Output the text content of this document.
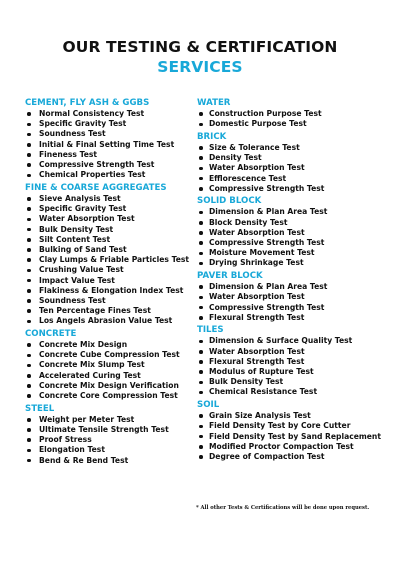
OUR TESTING & CERTIFICATION
SERVICES
CEMENT, FLY ASH & GGBS
Normal Consistency Test
Specific Gravity Test
Soundness Test
Initial & Final Setting Time Test
Fineness Test
Compressive Strength Test
Chemical Properties Test
FINE & COARSE AGGREGATES
Sieve Analysis Test
Specific Gravity Test
Water Absorption Test
Bulk Density Test
Silt Content Test
Bulking of Sand Test
Clay Lumps & Friable Particles Test
Crushing Value Test
Impact Value Test
Flakiness & Elongation Index Test
Soundness Test
Ten Percentage Fines Test
Los Angels Abrasion Value Test
CONCRETE
Concrete Mix Design
Concrete Cube Compression Test
Concrete Mix Slump Test
Accelerated Curing Test
Concrete Mix Design Verification
Concrete Core Compression Test
STEEL
Weight per Meter Test
Ultimate Tensile Strength Test
Proof Stress
Elongation Test
Bend & Re Bend Test
WATER
Construction Purpose Test
Domestic Purpose Test
BRICK
Size & Tolerance Test
Density Test
Water Absorption Test
Efflorescence Test
Compressive Strength Test
SOLID BLOCK
Dimension & Plan Area Test
Block Density Test
Water Absorption Test
Compressive Strength Test
Moisture Movement Test
Drying Shrinkage Test
PAVER BLOCK
Dimension & Plan Area Test
Water Absorption Test
Compressive Strength Test
Flexural Strength Test
TILES
Dimension & Surface Quality Test
Water Absorption Test
Flexural Strength Test
Modulus of Rupture Test
Bulk Density Test
Chemical Resistance Test
SOIL
Grain Size Analysis Test
Field Density Test by Core Cutter
Field Density Test by Sand Replacement
Modified Proctor Compaction Test
Degree of Compaction Test
* All other Tests & Certifications will be done upon request.
